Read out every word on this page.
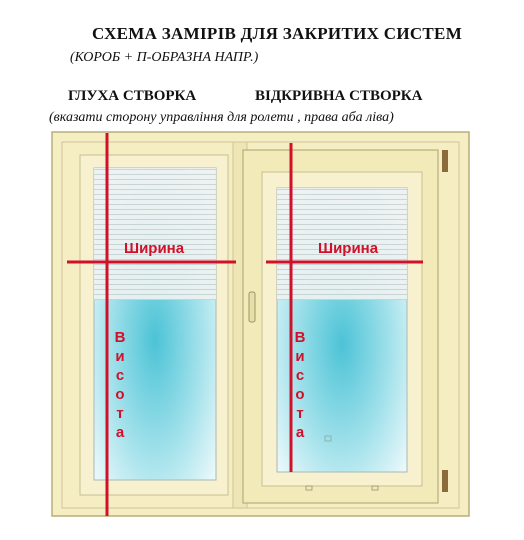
СХЕМА ЗАМІРІВ ДЛЯ ЗАКРИТИХ СИСТЕМ
(КОРОБ + П-ОБРАЗНА НАПР.)
ГЛУХА СТВОРКА	ВІДКРИВНА СТВОРКА
(вказати сторону управління для ролети , права аба ліва)
Ширина	Ширина
В
и
с
о
т
а
В
и
с
о
т
а
